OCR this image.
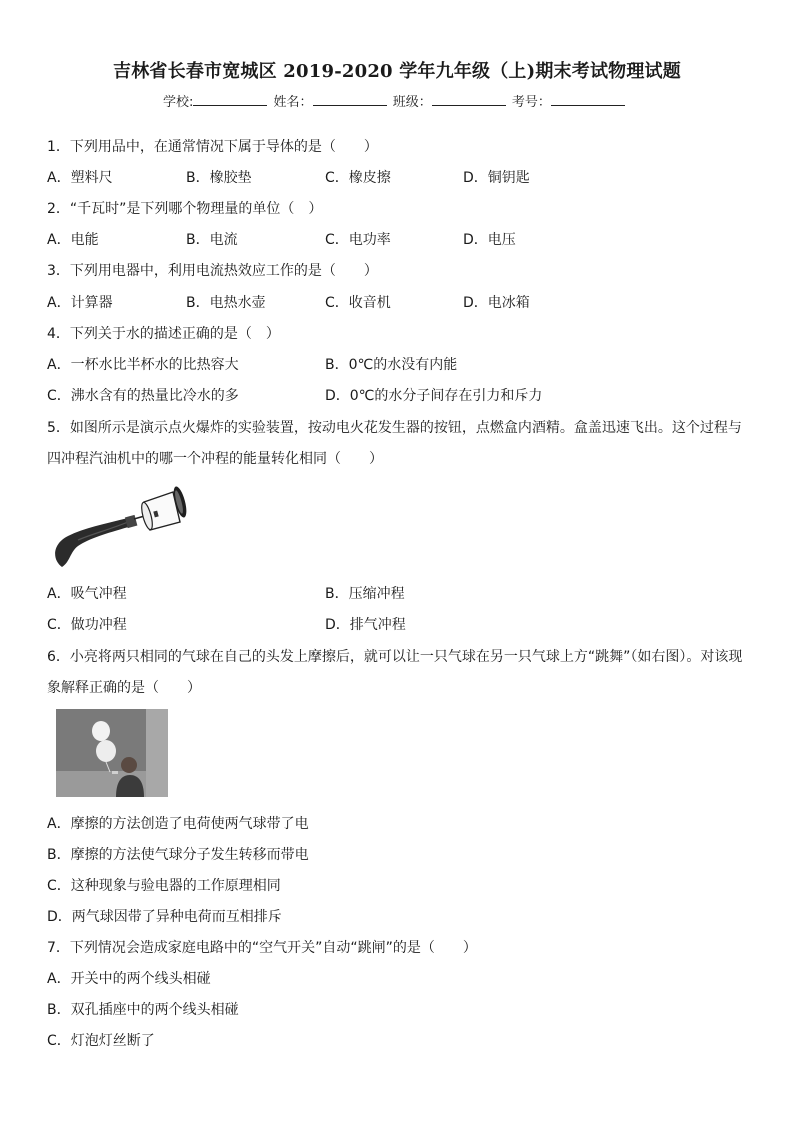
吉林省长春市宽城区 2019-2020 学年九年级（上)期末考试物理试题
学校:	姓名：	班级：	考号：
1．下列用品中，在通常情况下属于导体的是（　　）
A．塑料尺	B．橡胶垫	C．橡皮擦	D．铜钥匙
2．“千瓦时”是下列哪个物理量的单位（　）
A．电能	B．电流	C．电功率	D．电压
3．下列用电器中，利用电流热效应工作的是（　　）
A．计算器	B．电热水壶	C．收音机	D．电冰箱
4．下列关于水的描述正确的是（　）
A．一杯水比半杯水的比热容大	B．0℃的水没有内能
C．沸水含有的热量比冷水的多	D．0℃的水分子间存在引力和斥力
5．如图所示是演示点火爆炸的实验装置，按动电火花发生器的按钮，点燃盒内酒精。盒盖迅速飞出。这个过程与
四冲程汽油机中的哪一个冲程的能量转化相同（　　）
A．吸气冲程	B．压缩冲程
C．做功冲程	D．排气冲程
6．小亮将两只相同的气球在自己的头发上摩擦后，就可以让一只气球在另一只气球上方“跳舞”（如右图）。对该现
象解释正确的是（　　）
A．摩擦的方法创造了电荷使两气球带了电
B．摩擦的方法使气球分子发生转移而带电
C．这种现象与验电器的工作原理相同
D．两气球因带了异种电荷而互相排斥
7．下列情况会造成家庭电路中的“空气开关”自动“跳闸”的是（　　）
A．开关中的两个线头相碰
B．双孔插座中的两个线头相碰
C．灯泡灯丝断了
